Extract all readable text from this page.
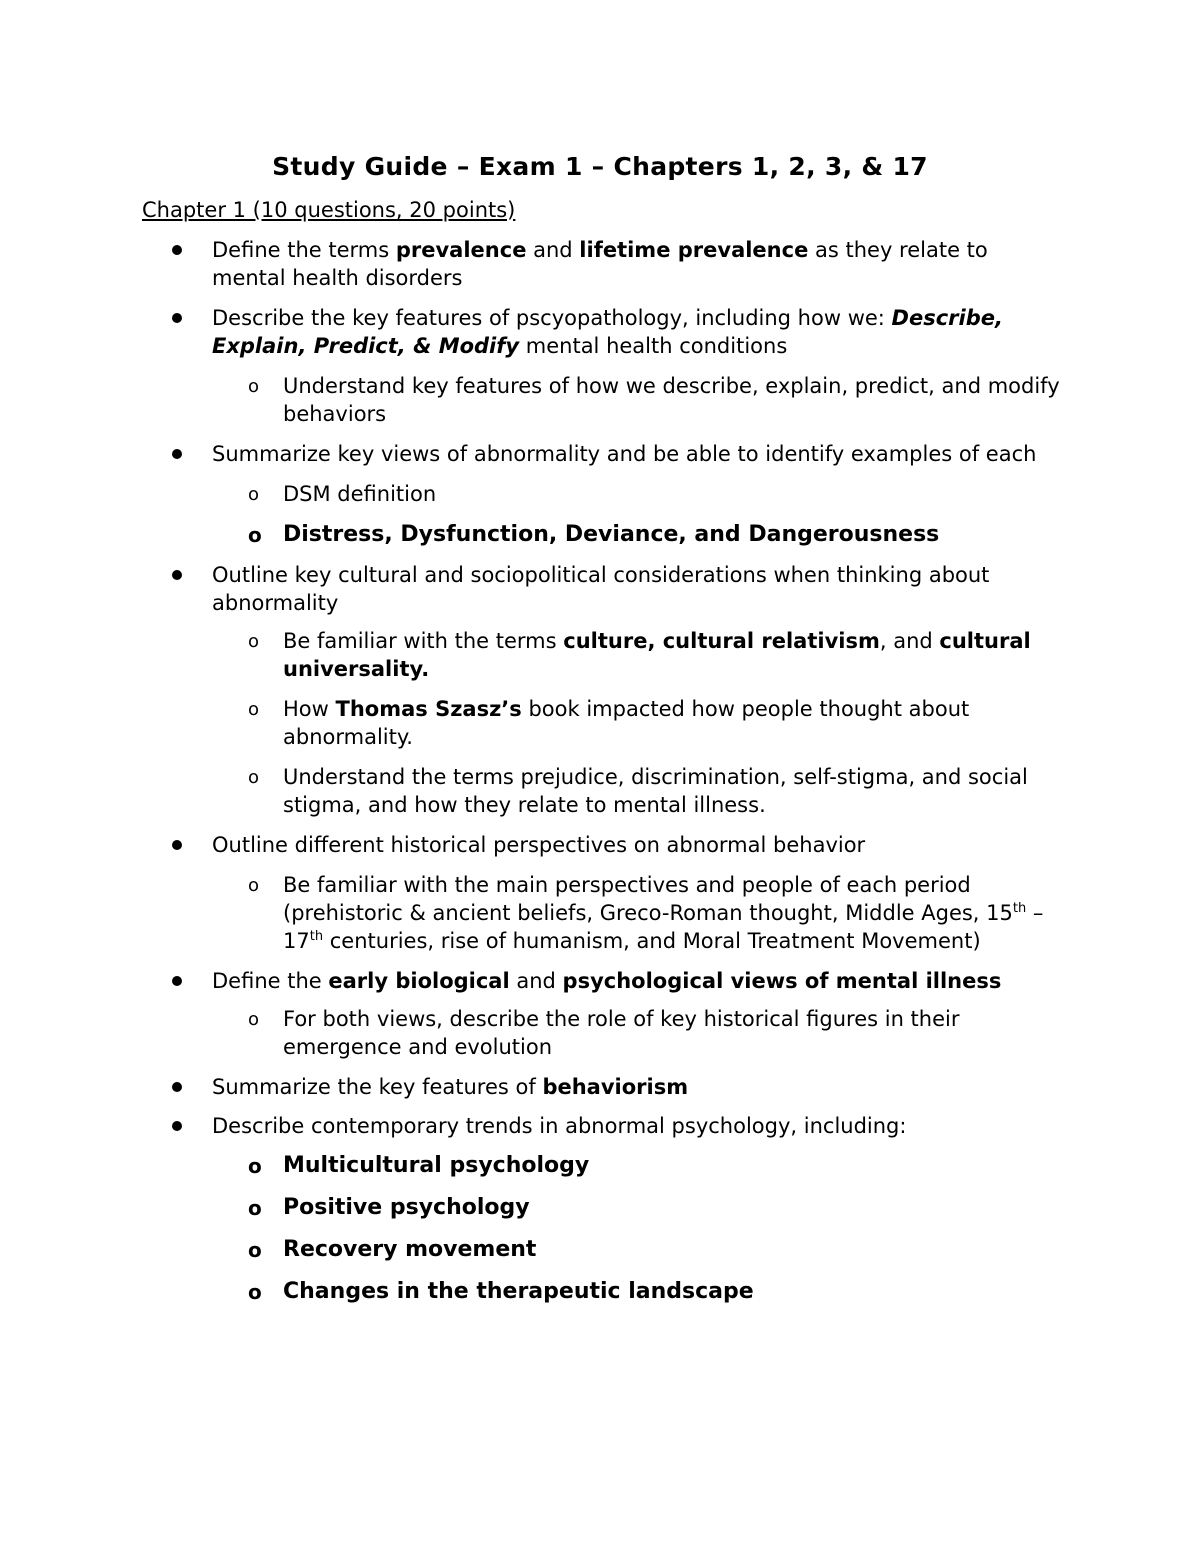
Study Guide – Exam 1 – Chapters 1, 2, 3, & 17
Chapter 1 (10 questions, 20 points)
Define the terms prevalence and lifetime prevalence as they relate to mental health disorders
Describe the key features of pscyopathology, including how we: Describe, Explain, Predict, & Modify mental health conditions
o Understand key features of how we describe, explain, predict, and modify behaviors
Summarize key views of abnormality and be able to identify examples of each
o DSM definition
o Distress, Dysfunction, Deviance, and Dangerousness
Outline key cultural and sociopolitical considerations when thinking about abnormality
o Be familiar with the terms culture, cultural relativism, and cultural universality.
o How Thomas Szasz’s book impacted how people thought about abnormality.
o Understand the terms prejudice, discrimination, self-stigma, and social stigma, and how they relate to mental illness.
Outline different historical perspectives on abnormal behavior
o Be familiar with the main perspectives and people of each period (prehistoric & ancient beliefs, Greco-Roman thought, Middle Ages, 15th – 17th centuries, rise of humanism, and Moral Treatment Movement)
Define the early biological and psychological views of mental illness
o For both views, describe the role of key historical figures in their emergence and evolution
Summarize the key features of behaviorism
Describe contemporary trends in abnormal psychology, including:
o Multicultural psychology
o Positive psychology
o Recovery movement
o Changes in the therapeutic landscape
